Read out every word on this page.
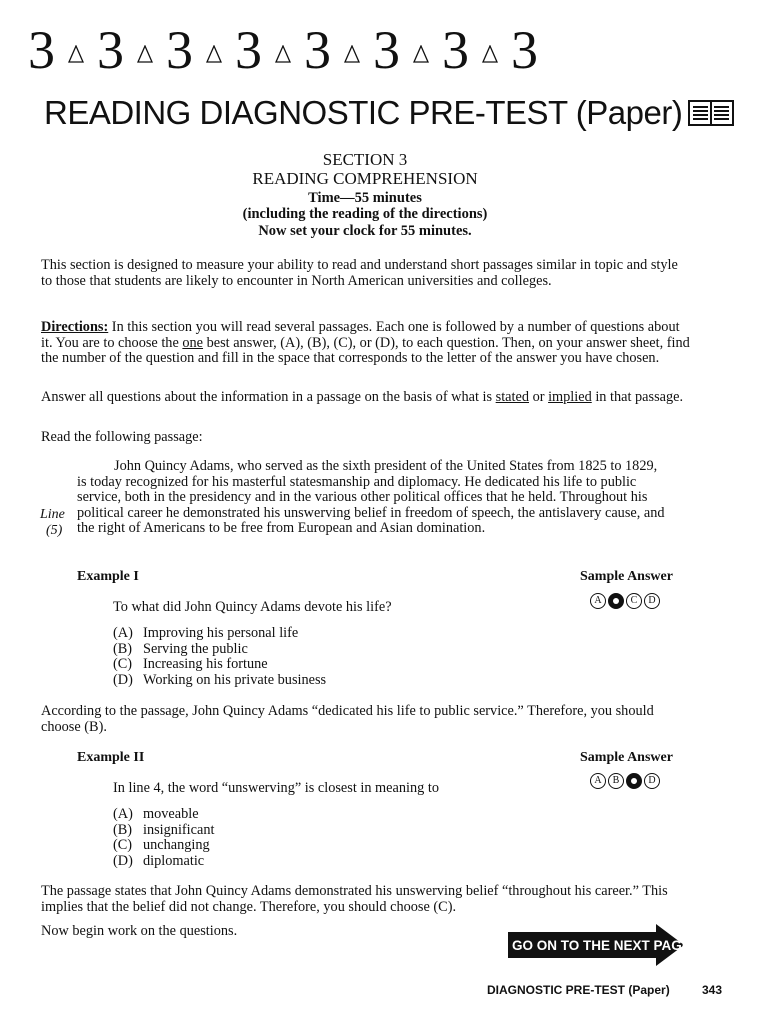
3 3 3 3 3 3 3 3
READING DIAGNOSTIC PRE-TEST (Paper)
SECTION 3
READING COMPREHENSION
Time—55 minutes
(including the reading of the directions)
Now set your clock for 55 minutes.

This section is designed to measure your ability to read and understand short passages similar in topic and style to those that students are likely to encounter in North American universities and colleges.

Directions: In this section you will read several passages. Each one is followed by a number of questions about it. You are to choose the one best answer, (A), (B), (C), or (D), to each question. Then, on your answer sheet, find the number of the question and fill in the space that corresponds to the letter of the answer you have chosen.

Answer all questions about the information in a passage on the basis of what is stated or implied in that passage.

Read the following passage:

John Quincy Adams, who served as the sixth president of the United States from 1825 to 1829, is today recognized for his masterful statesmanship and diplomacy. He dedicated his life to public service, both in the presidency and in the various other political offices that he held. Throughout his political career he demonstrated his unswerving belief in freedom of speech, the antislavery cause, and the right of Americans to be free from European and Asian domination.

Line
(5)
Example I	Sample Answer

To what did John Quincy Adams devote his life?	A	C	D
(A) Improving his personal life
(B) Serving the public
(C) Increasing his fortune
(D) Working on his private business

According to the passage, John Quincy Adams “dedicated his life to public service.” Therefore, you should choose (B).

Example II	Sample Answer

In line 4, the word “unswerving” is closest in meaning to	A	B	D
(A) moveable
(B) insignificant
(C) unchanging
(D) diplomatic

The passage states that John Quincy Adams demonstrated his unswerving belief “throughout his career.” This implies that the belief did not change. Therefore, you should choose (C).

Now begin work on the questions.

GO ON TO THE NEXT PAGE
DIAGNOSTIC PRE-TEST (Paper)	343
